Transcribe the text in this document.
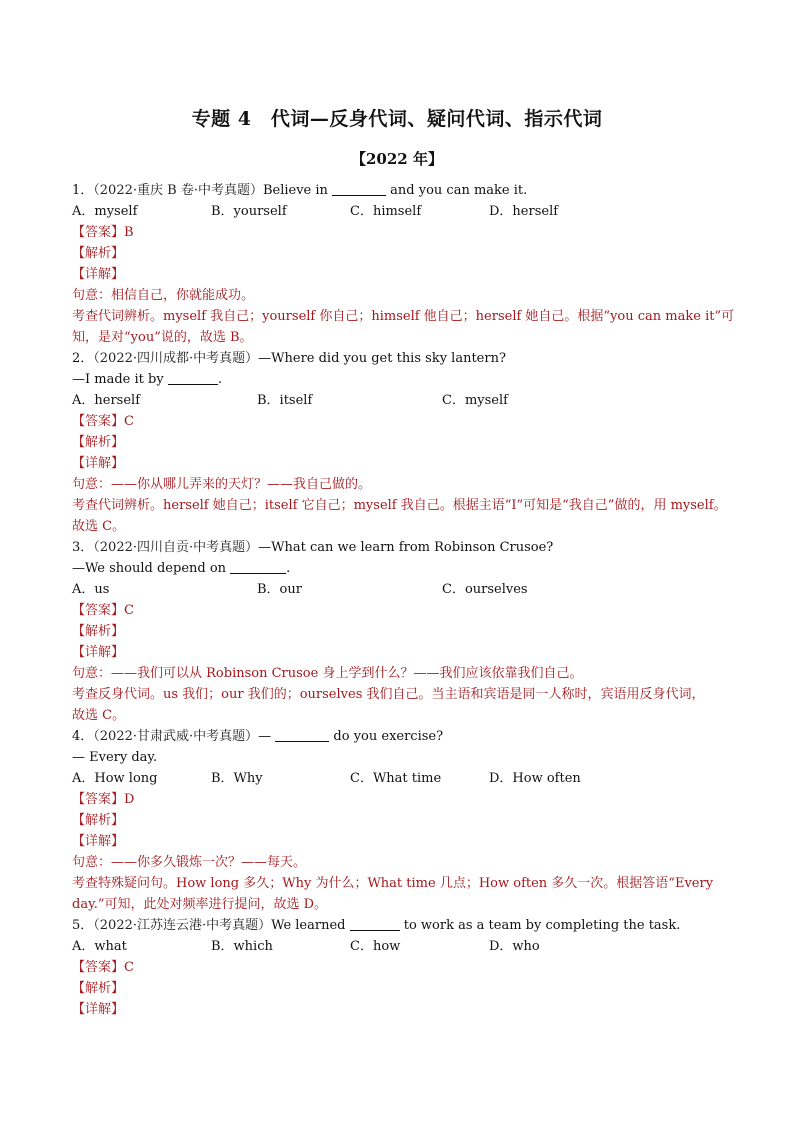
专题 4　代词—反身代词、疑问代词、指示代词
【2022 年】
1．（2022·重庆 B 卷·中考真题）Believe in	and you can make it.
A．myself	B．yourself	C．himself	D．herself
【答案】B
【解析】
【详解】
句意：相信自己，你就能成功。
考查代词辨析。myself 我自己；yourself 你自己；himself 他自己；herself 她自己。根据“you can make it”可
知，是对“you”说的，故选 B。
2．（2022·四川成都·中考真题）—Where did you get this sky lantern?
—I made it by	.
A．herself	B．itself	C．myself
【答案】C
【解析】
【详解】
句意：——你从哪儿弄来的天灯？——我自己做的。
考查代词辨析。herself 她自己；itself 它自己；myself 我自己。根据主语“I”可知是“我自己”做的，用 myself。
故选 C。
3．（2022·四川自贡·中考真题）—What can we learn from Robinson Crusoe?
—We should depend on	.
A．us	B．our	C．ourselves
【答案】C
【解析】
【详解】
句意：——我们可以从 Robinson Crusoe 身上学到什么？——我们应该依靠我们自己。
考查反身代词。us 我们；our 我们的；ourselves 我们自己。当主语和宾语是同一人称时，宾语用反身代词，
故选 C。
4．（2022·甘肃武威·中考真题）—	do you exercise?
— Every day.
A．How long	B．Why	C．What time	D．How often
【答案】D
【解析】
【详解】
句意：——你多久锻炼一次？——每天。
考查特殊疑问句。How long 多久；Why 为什么；What time 几点；How often 多久一次。根据答语“Every
day.”可知，此处对频率进行提问，故选 D。
5．（2022·江苏连云港·中考真题）We learned	to work as a team by completing the task.
A．what	B．which	C．how	D．who
【答案】C
【解析】
【详解】
